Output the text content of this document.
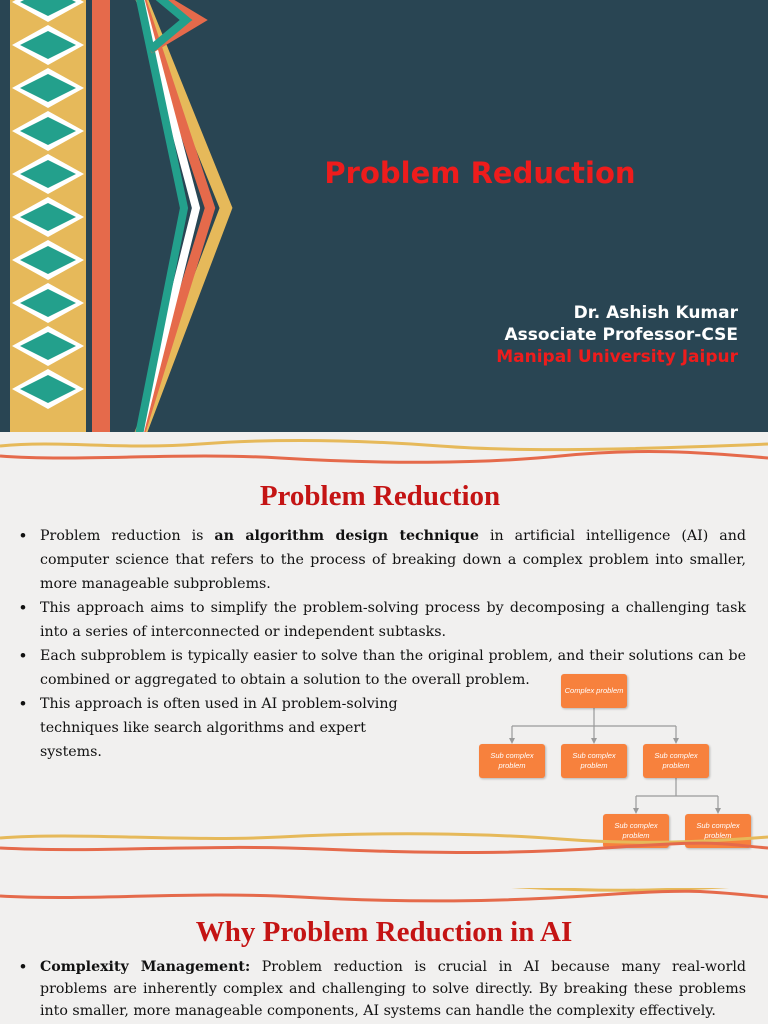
Problem Reduction
Dr. Ashish Kumar
Associate Professor-CSE
Manipal University Jaipur
Problem Reduction
• Problem reduction is an algorithm design technique in artificial intelligence (AI) and computer science that refers to the process of breaking down a complex problem into smaller, more manageable subproblems.
• This approach aims to simplify the problem-solving process by decomposing a challenging task into a series of interconnected or independent subtasks.
• Each subproblem is typically easier to solve than the original problem, and their solutions can be combined or aggregated to obtain a solution to the overall problem.
• This approach is often used in AI problem-solving techniques like search algorithms and expert systems.
Complex problem
Sub complex problem
Sub complex problem
Sub complex problem
Sub complex problem
Sub complex problem
Why Problem Reduction in AI
• Complexity Management: Problem reduction is crucial in AI because many real-world problems are inherently complex and challenging to solve directly. By breaking these problems into smaller, more manageable components, AI systems can handle the complexity effectively.
